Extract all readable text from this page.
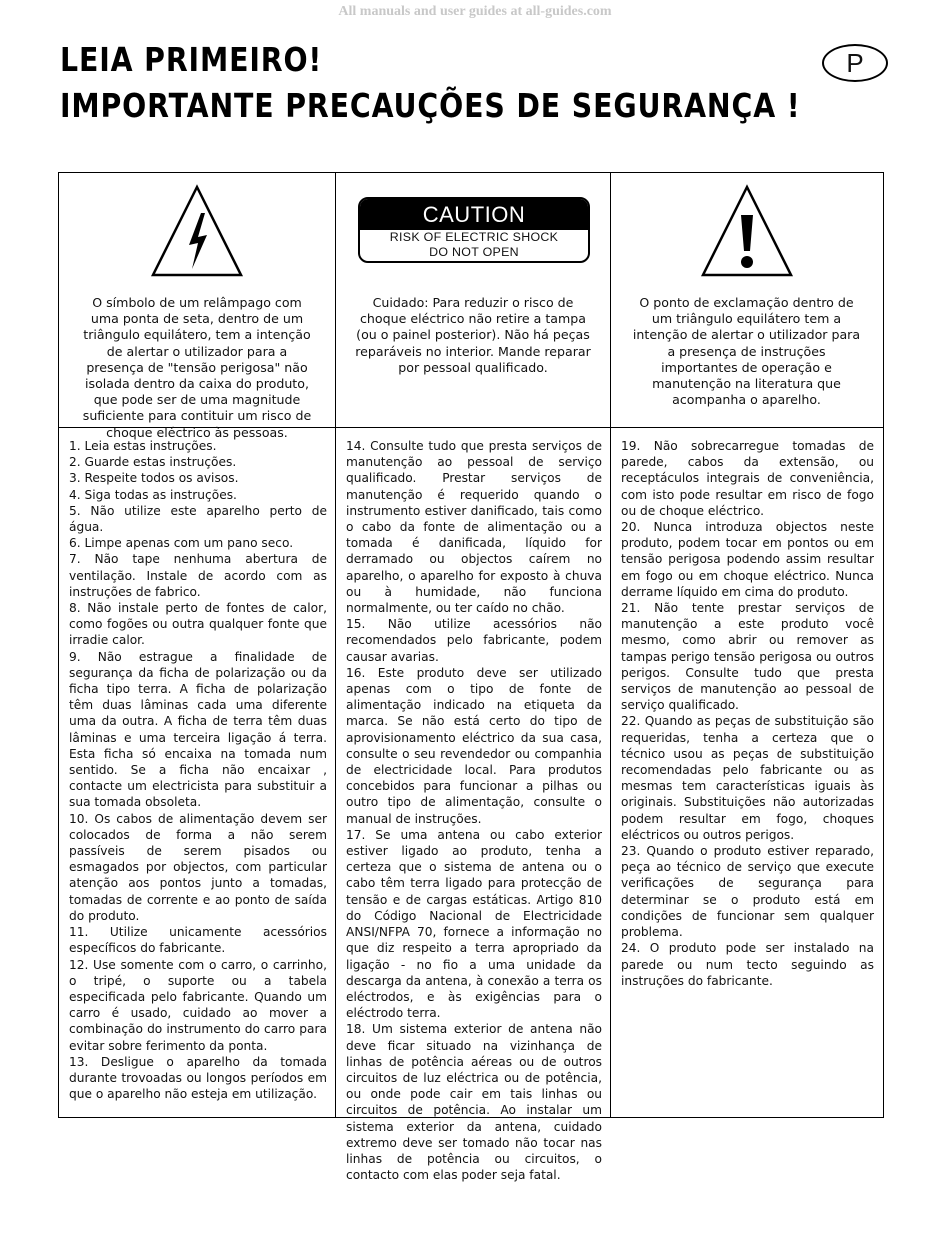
All manuals and user guides at all-guides.com
LEIA PRIMEIRO!
IMPORTANTE PRECAUÇÕES DE SEGURANÇA !
P
O símbolo de um relâmpago com uma ponta de seta, dentro de um triângulo equilátero, tem a intenção de alertar o utilizador para a presença de "tensão perigosa" não isolada dentro da caixa do produto, que pode ser de uma magnitude suficiente para contituir um risco de choque eléctrico às pessoas.
CAUTION
RISK OF ELECTRIC SHOCK
DO NOT OPEN
Cuidado: Para reduzir o risco de choque eléctrico não retire a tampa (ou o painel posterior). Não há peças reparáveis no interior. Mande reparar por pessoal qualificado.
O ponto de exclamação dentro de um triângulo equilátero tem a intenção de alertar o utilizador para a presença de instruções importantes de operação e manutenção na literatura que acompanha o aparelho.

1. Leia estas instruções.

2. Guarde estas instruções.

3. Respeite todos os avisos.

4. Siga todas as instruções.

5. Não utilize este aparelho perto de água.

6. Limpe apenas com um pano seco.

7. Não tape nenhuma abertura de ventilação. Instale de acordo com as instruções de fabrico.

8. Não instale perto de fontes de calor, como fogões ou outra qualquer fonte que irradie calor.

9. Não estrague a finalidade de segurança da ficha de polarização ou da ficha tipo terra. A ficha de polarização têm duas lâminas cada uma diferente uma da outra. A ficha de terra têm duas lâminas e uma terceira ligação á terra. Esta ficha só encaixa na tomada num sentido. Se a ficha não encaixar , contacte um electricista para substituir a sua tomada obsoleta.

10. Os cabos de alimentação devem ser colocados de forma a não serem passíveis de serem pisados ou esmagados por objectos, com particular atenção aos pontos junto a tomadas, tomadas de corrente e ao ponto de saída do produto.

11. Utilize unicamente acessórios específicos do fabricante.

12. Use somente com o carro, o carrinho, o tripé, o suporte ou a tabela especificada pelo fabricante. Quando um carro é usado, cuidado ao mover a combinação do instrumento do carro para evitar sobre ferimento da ponta.

13. Desligue o aparelho da tomada durante trovoadas ou longos períodos em que o aparelho não esteja em utilização.

14. Consulte tudo que presta serviços de manutenção ao pessoal de serviço qualificado. Prestar serviços de manutenção é requerido quando o instrumento estiver danificado, tais como o cabo da fonte de alimentação ou a tomada é danificada, líquido for derramado ou objectos caírem no aparelho, o aparelho for exposto à chuva ou à humidade, não funciona normalmente, ou ter caído no chão.

15. Não utilize acessórios não recomendados pelo fabricante, podem causar avarias.

16. Este produto deve ser utilizado apenas com o tipo de fonte de alimentação indicado na etiqueta da marca. Se não está certo do tipo de aprovisionamento eléctrico da sua casa, consulte o seu revendedor ou companhia de electricidade local. Para produtos concebidos para funcionar a pilhas ou outro tipo de alimentação, consulte o manual de instruções.

17. Se uma antena ou cabo exterior estiver ligado ao produto, tenha a certeza que o sistema de antena ou o cabo têm terra ligado para protecção de tensão e de cargas estáticas. Artigo 810 do Código Nacional de Electricidade ANSI/NFPA 70, fornece a informação no que diz respeito a terra apropriado da ligação - no fio a uma unidade da descarga da antena, à conexão a terra os eléctrodos, e às exigências para o eléctrodo terra.

18. Um sistema exterior de antena não deve ficar situado na vizinhança de linhas de potência aéreas ou de outros circuitos de luz eléctrica ou de potência, ou onde pode cair em tais linhas ou circuitos de potência. Ao instalar um sistema exterior da antena, cuidado extremo deve ser tomado não tocar nas linhas de potência ou circuitos, o contacto com elas poder seja fatal.

19. Não sobrecarregue tomadas de parede, cabos da extensão, ou receptáculos integrais de conveniência, com isto pode resultar em risco de fogo ou de choque eléctrico.

20. Nunca introduza objectos neste produto, podem tocar em pontos ou em tensão perigosa podendo assim resultar em fogo ou em choque eléctrico. Nunca derrame líquido em cima do produto.

21. Não tente prestar serviços de manutenção a este produto você mesmo, como abrir ou remover as tampas perigo tensão perigosa ou outros perigos. Consulte tudo que presta serviços de manutenção ao pessoal de serviço qualificado.

22. Quando as peças de substituição são requeridas, tenha a certeza que o técnico usou as peças de substituição recomendadas pelo fabricante ou as mesmas tem características iguais às originais. Substituições não autorizadas podem resultar em fogo, choques eléctricos ou outros perigos.

23. Quando o produto estiver reparado, peça ao técnico de serviço que execute verificações de segurança para determinar se o produto está em condições de funcionar sem qualquer problema.

24. O produto pode ser instalado na parede ou num tecto seguindo as instruções do fabricante.
